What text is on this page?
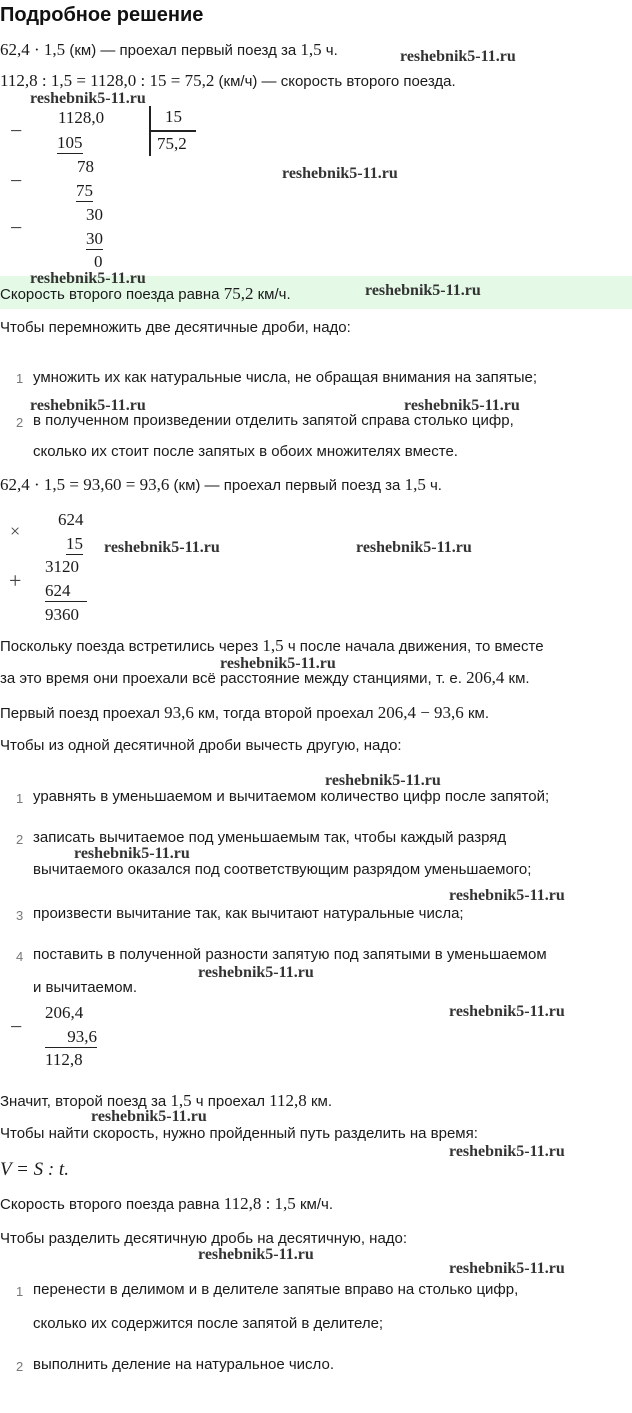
Подробное решение
62,4 · 1,5 (км) — проехал первый поезд за 1,5 ч.	reshebnik5-11.ru
112,8 : 1,5 = 1128,0 : 15 = 75,2 (км/ч) — скорость второго поезда.
reshebnik5-11.ru
−
1128,0
105
15
75,2
−
78
75
−
30
30
0
reshebnik5-11.ru
reshebnik5-11.ru
Скорость второго поезда равна 75,2 км/ч.	reshebnik5-11.ru
Чтобы перемножить две десятичные дроби, надо:
1 умножить их как натуральные числа, не обращая внимания на запятые;
reshebnik5-11.ru	reshebnik5-11.ru
2 в полученном произведении отделить запятой справа столько цифр,
сколько их стоит после запятых в обоих множителях вместе.
62,4 · 1,5 = 93,60 = 93,6 (км) — проехал первый поезд за 1,5 ч.
×
624
15
3120
+ 624
9360
reshebnik5-11.ru	reshebnik5-11.ru
Поскольку поезда встретились через 1,5 ч после начала движения, то вместе
reshebnik5-11.ru
за это время они проехали всё расстояние между станциями, т. е. 206,4 км.
Первый поезд проехал 93,6 км, тогда второй проехал 206,4 − 93,6 км.
Чтобы из одной десятичной дроби вычесть другую, надо:
reshebnik5-11.ru
1 уравнять в уменьшаемом и вычитаемом количество цифр после запятой;
2 записать вычитаемое под уменьшаемым так, чтобы каждый разряд
reshebnik5-11.ru
вычитаемого оказался под соответствующим разрядом уменьшаемого;
reshebnik5-11.ru
3 произвести вычитание так, как вычитают натуральные числа;
4 поставить в полученной разности запятую под запятыми в уменьшаемом
reshebnik5-11.ru
и вычитаемом.
−
206,4
93,6
112,8
reshebnik5-11.ru
Значит, второй поезд за 1,5 ч проехал 112,8 км.
reshebnik5-11.ru
Чтобы найти скорость, нужно пройденный путь разделить на время:
reshebnik5-11.ru
V = S : t.
Скорость второго поезда равна 112,8 : 1,5 км/ч.
Чтобы разделить десятичную дробь на десятичную, надо:
reshebnik5-11.ru
reshebnik5-11.ru
1 перенести в делимом и в делителе запятые вправо на столько цифр,
сколько их содержится после запятой в делителе;
2 выполнить деление на натуральное число.
